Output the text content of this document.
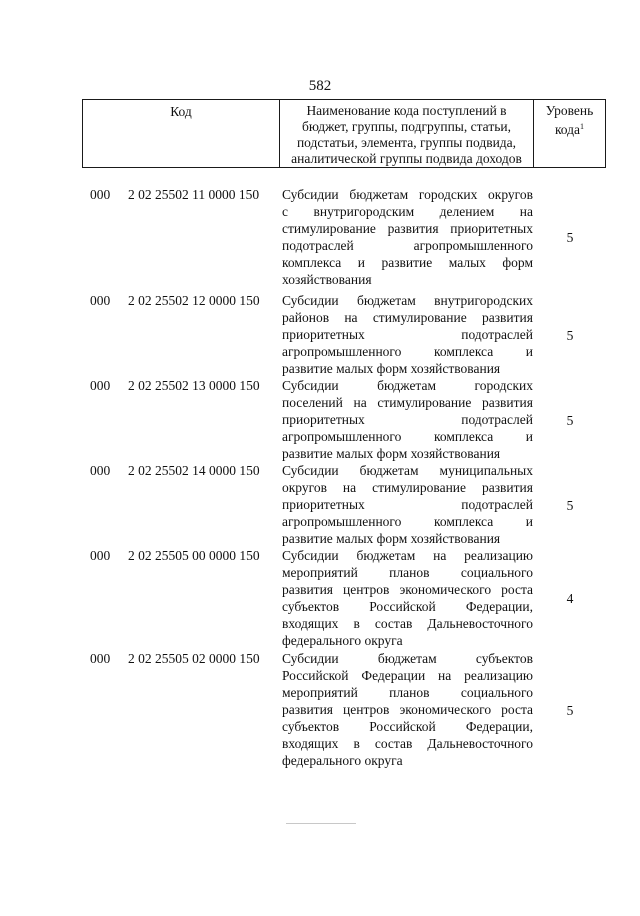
582
Код	Наименование кода поступлений в
бюджет, группы, подгруппы, статьи,
подстатьи, элемента, группы подвида,
аналитической группы подвида доходов
Уровень
кода$^1$
000 2 02 25502 11 0000 150 Субсидии бюджетам городских округов
с внутригородским делением на
стимулирование развития приоритетных
подотраслей агропромышленного
комплекса и развитие малых форм
хозяйствования
5
000 2 02 25502 12 0000 150 Субсидии бюджетам внутригородских
районов на стимулирование развития
приоритетных подотраслей
агропромышленного комплекса и
развитие малых форм хозяйствования
5
000 2 02 25502 13 0000 150 Субсидии бюджетам городских
поселений на стимулирование развития
приоритетных подотраслей
агропромышленного комплекса и
развитие малых форм хозяйствования
5
000 2 02 25502 14 0000 150 Субсидии бюджетам муниципальных
округов на стимулирование развития
приоритетных подотраслей
агропромышленного комплекса и
развитие малых форм хозяйствования
5
000 2 02 25505 00 0000 150 Субсидии бюджетам на реализацию
мероприятий планов социального
развития центров экономического роста
субъектов Российской Федерации,
входящих в состав Дальневосточного
федерального округа
4
000 2 02 25505 02 0000 150 Субсидии бюджетам субъектов
Российской Федерации на реализацию
мероприятий планов социального
развития центров экономического роста
субъектов Российской Федерации,
входящих в состав Дальневосточного
федерального округа
5
